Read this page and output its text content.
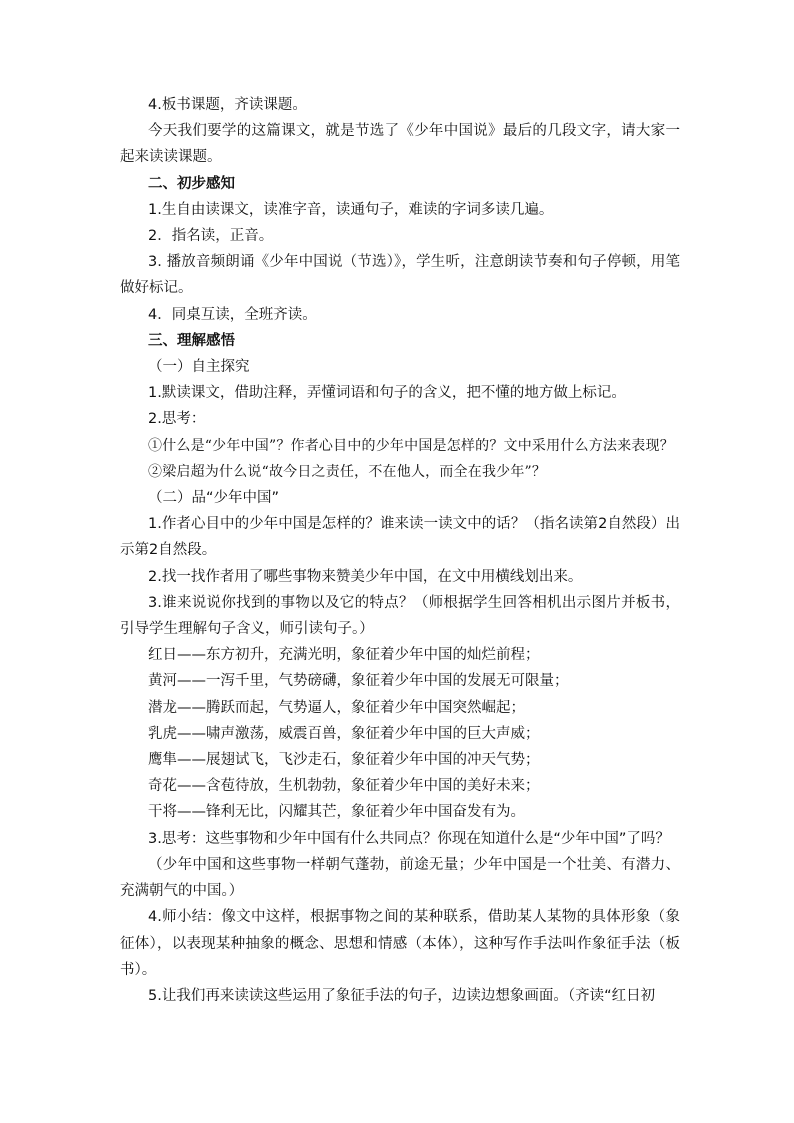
4.板书课题，齐读课题。

今天我们要学的这篇课文，就是节选了《少年中国说》最后的几段文字，请大家一起来读读课题。

二、初步感知

1.生自由读课文，读准字音，读通句子，难读的字词多读几遍。

2．指名读，正音。

3. 播放音频朗诵《少年中国说（节选）》，学生听，注意朗读节奏和句子停顿，用笔做好标记。

4．同桌互读，全班齐读。

三、理解感悟

（一）自主探究

1.默读课文，借助注释，弄懂词语和句子的含义，把不懂的地方做上标记。

2.思考：

①什么是“少年中国”？作者心目中的少年中国是怎样的？文中采用什么方法来表现？

②梁启超为什么说“故今日之责任，不在他人，而全在我少年”？

（二）品“少年中国”

1.作者心目中的少年中国是怎样的？谁来读一读文中的话？（指名读第2自然段）出示第2自然段。

2.找一找作者用了哪些事物来赞美少年中国，在文中用横线划出来。

3.谁来说说你找到的事物以及它的特点？（师根据学生回答相机出示图片并板书，引导学生理解句子含义，师引读句子。）

红日——东方初升，充满光明，象征着少年中国的灿烂前程；

黄河——一泻千里，气势磅礴，象征着少年中国的发展无可限量；

潜龙——腾跃而起，气势逼人，象征着少年中国突然崛起；

乳虎——啸声激荡，威震百兽，象征着少年中国的巨大声威；

鹰隼——展翅试飞，飞沙走石，象征着少年中国的冲天气势；

奇花——含苞待放，生机勃勃，象征着少年中国的美好未来；

干将——锋利无比，闪耀其芒，象征着少年中国奋发有为。

3.思考：这些事物和少年中国有什么共同点？你现在知道什么是“少年中国”了吗？

（少年中国和这些事物一样朝气蓬勃，前途无量；少年中国是一个壮美、有潜力、充满朝气的中国。）

4.师小结：像文中这样，根据事物之间的某种联系，借助某人某物的具体形象（象征体），以表现某种抽象的概念、思想和情感（本体），这种写作手法叫作象征手法（板书）。

5.让我们再来读读这些运用了象征手法的句子，边读边想象画面。（齐读“红日初
